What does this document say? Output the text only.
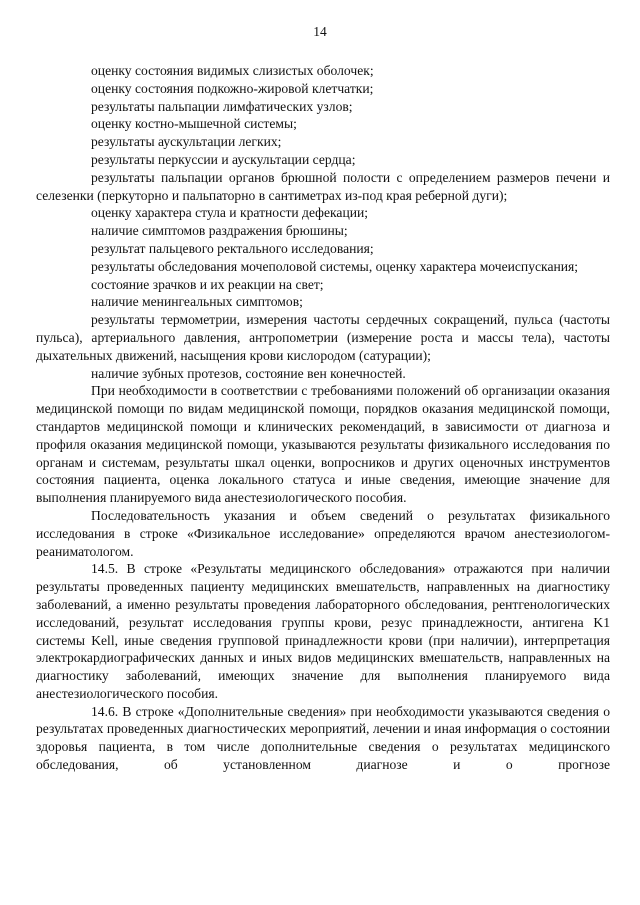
14

оценку состояния видимых слизистых оболочек;

оценку состояния подкожно-жировой клетчатки;

результаты пальпации лимфатических узлов;

оценку костно-мышечной системы;

результаты аускультации легких;

результаты перкуссии и аускультации сердца;

результаты пальпации органов брюшной полости с определением размеров печени и селезенки (перкуторно и пальпаторно в сантиметрах из-под края реберной дуги);

оценку характера стула и кратности дефекации;

наличие симптомов раздражения брюшины;

результат пальцевого ректального исследования;

результаты обследования мочеполовой системы, оценку характера мочеиспускания;

состояние зрачков и их реакции на свет;

наличие менингеальных симптомов;

результаты термометрии, измерения частоты сердечных сокращений, пульса (частоты пульса), артериального давления, антропометрии (измерение роста и массы тела), частоты дыхательных движений, насыщения крови кислородом (сатурации);

наличие зубных протезов, состояние вен конечностей.

При необходимости в соответствии с требованиями положений об организации оказания медицинской помощи по видам медицинской помощи, порядков оказания медицинской помощи, стандартов медицинской помощи и клинических рекомендаций, в зависимости от диагноза и профиля оказания медицинской помощи, указываются результаты физикального исследования по органам и системам, результаты шкал оценки, вопросников и других оценочных инструментов состояния пациента, оценка локального статуса и иные сведения, имеющие значение для выполнения планируемого вида анестезиологического пособия.

Последовательность указания и объем сведений о результатах физикального исследования в строке «Физикальное исследование» определяются врачом анестезиологом-реаниматологом.

14.5. В строке «Результаты медицинского обследования» отражаются при наличии результаты проведенных пациенту медицинских вмешательств, направленных на диагностику заболеваний, а именно результаты проведения лабораторного обследования, рентгенологических исследований, результат исследования группы крови, резус принадлежности, антигена K1 системы Kell, иные сведения групповой принадлежности крови (при наличии), интерпретация электрокардиографических данных и иных видов медицинских вмешательств, направленных на диагностику заболеваний, имеющих значение для выполнения планируемого вида анестезиологического пособия.

14.6. В строке «Дополнительные сведения» при необходимости указываются сведения о результатах проведенных диагностических мероприятий, лечении и иная информация о состоянии здоровья пациента, в том числе дополнительные сведения о результатах медицинского обследования, об установленном диагнозе и о прогнозе
